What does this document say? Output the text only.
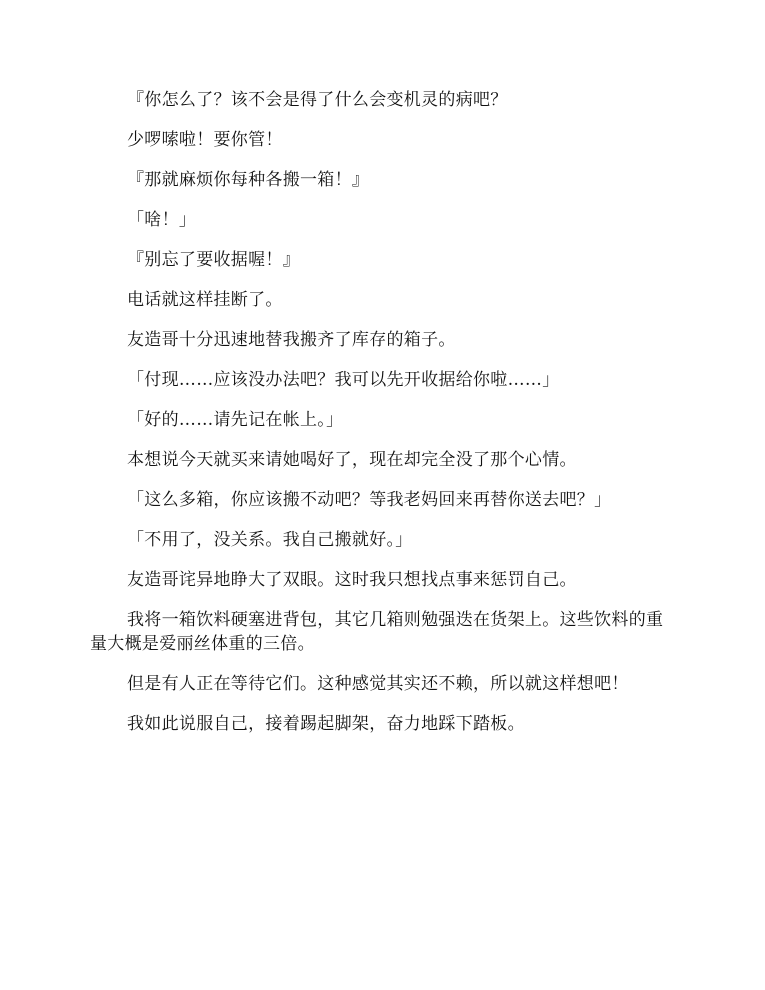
『你怎么了？该不会是得了什么会变机灵的病吧？

少啰嗦啦！要你管！

『那就麻烦你每种各搬一箱！』

「啥！」

『别忘了要收据喔！』

电话就这样挂断了。

友造哥十分迅速地替我搬齐了库存的箱子。

「付现……应该没办法吧？我可以先开收据给你啦……」

「好的……请先记在帐上。」

本想说今天就买来请她喝好了，现在却完全没了那个心情。

「这么多箱，你应该搬不动吧？等我老妈回来再替你送去吧？」

「不用了，没关系。我自己搬就好。」

友造哥诧异地睁大了双眼。这时我只想找点事来惩罚自己。

我将一箱饮料硬塞进背包，其它几箱则勉强迭在货架上。这些饮料的重量大概是爱丽丝体重的三倍。

但是有人正在等待它们。这种感觉其实还不赖，所以就这样想吧！

我如此说服自己，接着踢起脚架，奋力地踩下踏板。
